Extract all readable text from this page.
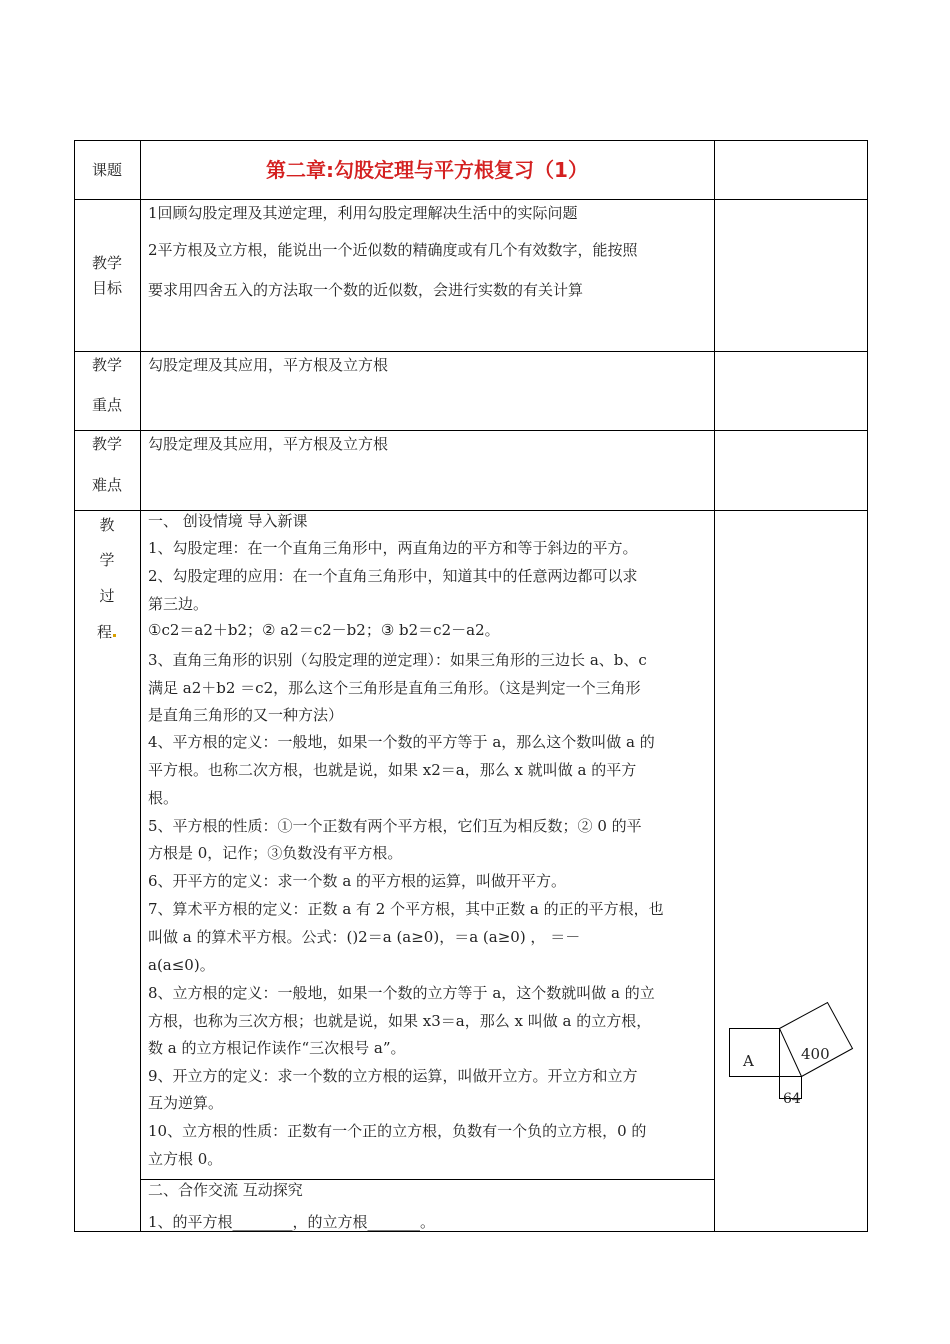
课题	第二章:勾股定理与平方根复习（1）
教学
目标
1回顾勾股定理及其逆定理，利用勾股定理解决生活中的实际问题
2平方根及立方根，能说出一个近似数的精确度或有几个有效数字，能按照
要求用四舍五入的方法取一个数的近似数，会进行实数的有关计算
教学
重点
勾股定理及其应用，平方根及立方根
教学
难点
勾股定理及其应用，平方根及立方根
教
学
过
程
一、 创设情境 导入新课
1、勾股定理：在一个直角三角形中，两直角边的平方和等于斜边的平方。
2、勾股定理的应用：在一个直角三角形中，知道其中的任意两边都可以求
第三边。
①c2＝a2＋b2；② a2＝c2－b2；③ b2＝c2－a2。
3、直角三角形的识别（勾股定理的逆定理）：如果三角形的三边长 a、b、c
满足 a2＋b2 ＝c2，那么这个三角形是直角三角形。（这是判定一个三角形
是直角三角形的又一种方法）
4、平方根的定义：一般地，如果一个数的平方等于 a，那么这个数叫做 a 的
平方根。也称二次方根，也就是说，如果 x2＝a，那么 x 就叫做 a 的平方
根。
5、平方根的性质：①一个正数有两个平方根，它们互为相反数；② 0 的平
方根是 0，记作；③负数没有平方根。
6、开平方的定义：求一个数 a 的平方根的运算，叫做开平方。
7、算术平方根的定义：正数 a 有 2 个平方根，其中正数 a 的正的平方根，也
叫做 a 的算术平方根。公式：()2＝a (a≥0)，＝a (a≥0) ， ＝－
a(a≤0)。
8、立方根的定义：一般地，如果一个数的立方等于 a，这个数就叫做 a 的立
方根，也称为三次方根；也就是说，如果 x3＝a，那么 x 叫做 a 的立方根，
数 a 的立方根记作读作“三次根号 a”。
9、开立方的定义：求一个数的立方根的运算，叫做开立方。开立方和立方
互为逆算。
10、立方根的性质：正数有一个正的立方根，负数有一个负的立方根，0 的
立方根 0。
二、合作交流 互动探究
1、的平方根________，的立方根_______。
A	400
64
